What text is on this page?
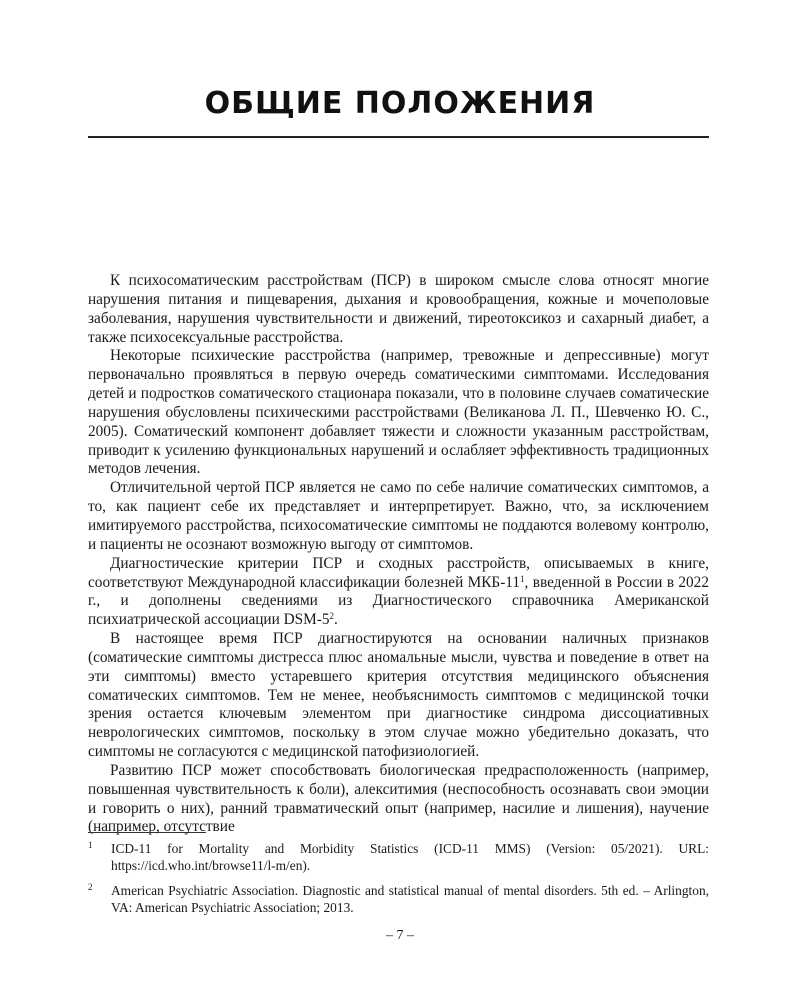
ОБЩИЕ ПОЛОЖЕНИЯ

К психосоматическим расстройствам (ПСР) в широком смысле слова относят многие нарушения питания и пищеварения, дыхания и кровообращения, кожные и мочеполовые заболевания, нарушения чувствительности и движений, тиреотоксикоз и сахарный диабет, а также психосексуальные расстройства.

Некоторые психические расстройства (например, тревожные и депрессивные) могут первоначально проявляться в первую очередь соматическими симптомами. Исследования детей и подростков соматического стационара показали, что в половине случаев соматические нарушения обусловлены психическими расстройствами (Великанова Л. П., Шевченко Ю. С., 2005). Соматический компонент добавляет тяжести и сложности указанным расстройствам, приводит к усилению функциональных нарушений и ослабляет эффективность традиционных методов лечения.

Отличительной чертой ПСР является не само по себе наличие соматических симптомов, а то, как пациент себе их представляет и интерпретирует. Важно, что, за исключением имитируемого расстройства, психосоматические симптомы не поддаются волевому контролю, и пациенты не осознают возможную выгоду от симптомов.

Диагностические критерии ПСР и сходных расстройств, описываемых в книге, соответствуют Международной классификации болезней МКБ-$11^1$, введенной в России в 2022 г., и дополнены сведениями из Диагностического справочника Американской психиатрической ассоциации DSM-$5^2$.

В настоящее время ПСР диагностируются на основании наличных признаков (соматические симптомы дистресса плюс аномальные мысли, чувства и поведение в ответ на эти симптомы) вместо устаревшего критерия отсутствия медицинского объяснения соматических симптомов. Тем не менее, необъяснимость симптомов с медицинской точки зрения остается ключевым элементом при диагностике синдрома диссоциативных неврологических симптомов, поскольку в этом случае можно убедительно доказать, что симптомы не согласуются с медицинской патофизиологией.

Развитию ПСР может способствовать биологическая предрасположенность (например, повышенная чувствительность к боли), алекситимия (неспособность осознавать свои эмоции и говорить о них), ранний травматический опыт (например, насилие и лишения), научение (например, отсутствие

1 ICD-11 for Mortality and Morbidity Statistics (ICD-11 MMS) (Version: 05/2021). URL: https://icd.who.int/browse11/l-m/en).
2 American Psychiatric Association. Diagnostic and statistical manual of mental disorders. 5th ed. – Arlington, VA: American Psychiatric Association; 2013.
– 7 –
